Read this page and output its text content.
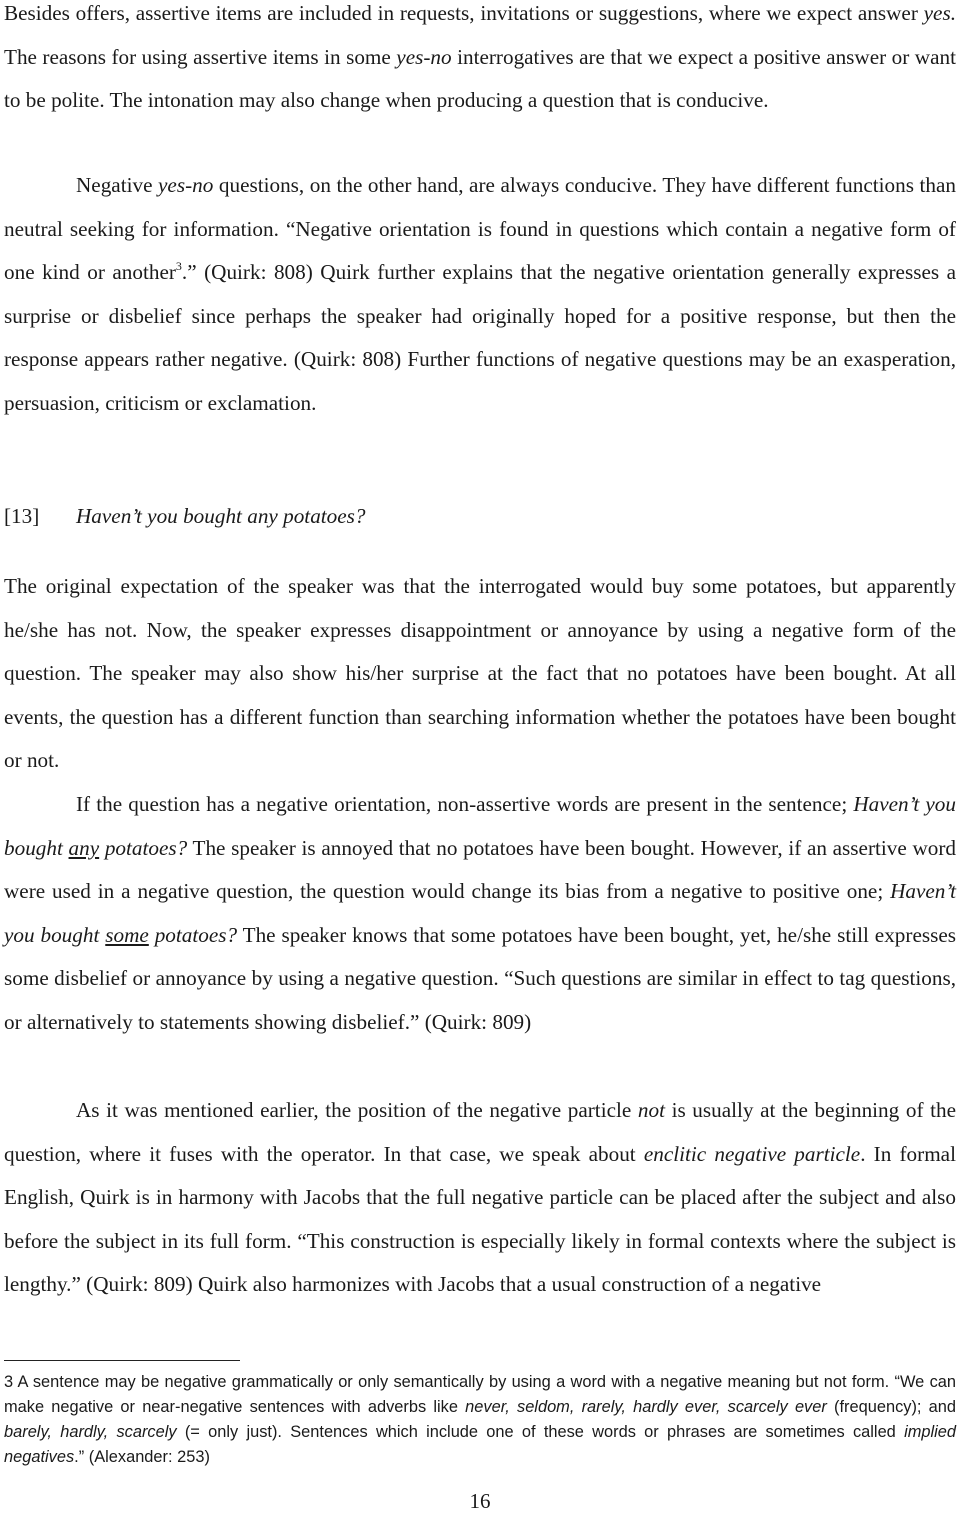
Besides offers, assertive items are included in requests, invitations or suggestions, where we expect answer yes. The reasons for using assertive items in some yes-no interrogatives are that we expect a positive answer or want to be polite. The intonation may also change when producing a question that is conducive.

Negative yes-no questions, on the other hand, are always conducive. They have different functions than neutral seeking for information. “Negative orientation is found in questions which contain a negative form of one kind or another$^3$.” (Quirk: 808) Quirk further explains that the negative orientation generally expresses a surprise or disbelief since perhaps the speaker had originally hoped for a positive response, but then the response appears rather negative. (Quirk: 808) Further functions of negative questions may be an exasperation, persuasion, criticism or exclamation.

[13] Haven’t you bought any potatoes?

The original expectation of the speaker was that the interrogated would buy some potatoes, but apparently he/she has not. Now, the speaker expresses disappointment or annoyance by using a negative form of the question. The speaker may also show his/her surprise at the fact that no potatoes have been bought. At all events, the question has a different function than searching information whether the potatoes have been bought or not.

If the question has a negative orientation, non-assertive words are present in the sentence; Haven’t you bought any potatoes? The speaker is annoyed that no potatoes have been bought. However, if an assertive word were used in a negative question, the question would change its bias from a negative to positive one; Haven’t you bought some potatoes? The speaker knows that some potatoes have been bought, yet, he/she still expresses some disbelief or annoyance by using a negative question. “Such questions are similar in effect to tag questions, or alternatively to statements showing disbelief.” (Quirk: 809)

As it was mentioned earlier, the position of the negative particle not is usually at the beginning of the question, where it fuses with the operator. In that case, we speak about enclitic negative particle. In formal English, Quirk is in harmony with Jacobs that the full negative particle can be placed after the subject and also before the subject in its full form. “This construction is especially likely in formal contexts where the subject is lengthy.” (Quirk: 809) Quirk also harmonizes with Jacobs that a usual construction of a negative

3 A sentence may be negative grammatically or only semantically by using a word with a negative meaning but not form. “We can make negative or near-negative sentences with adverbs like never, seldom, rarely, hardly ever, scarcely ever (frequency); and barely, hardly, scarcely (= only just). Sentences which include one of these words or phrases are sometimes called implied negatives.” (Alexander: 253)

16
